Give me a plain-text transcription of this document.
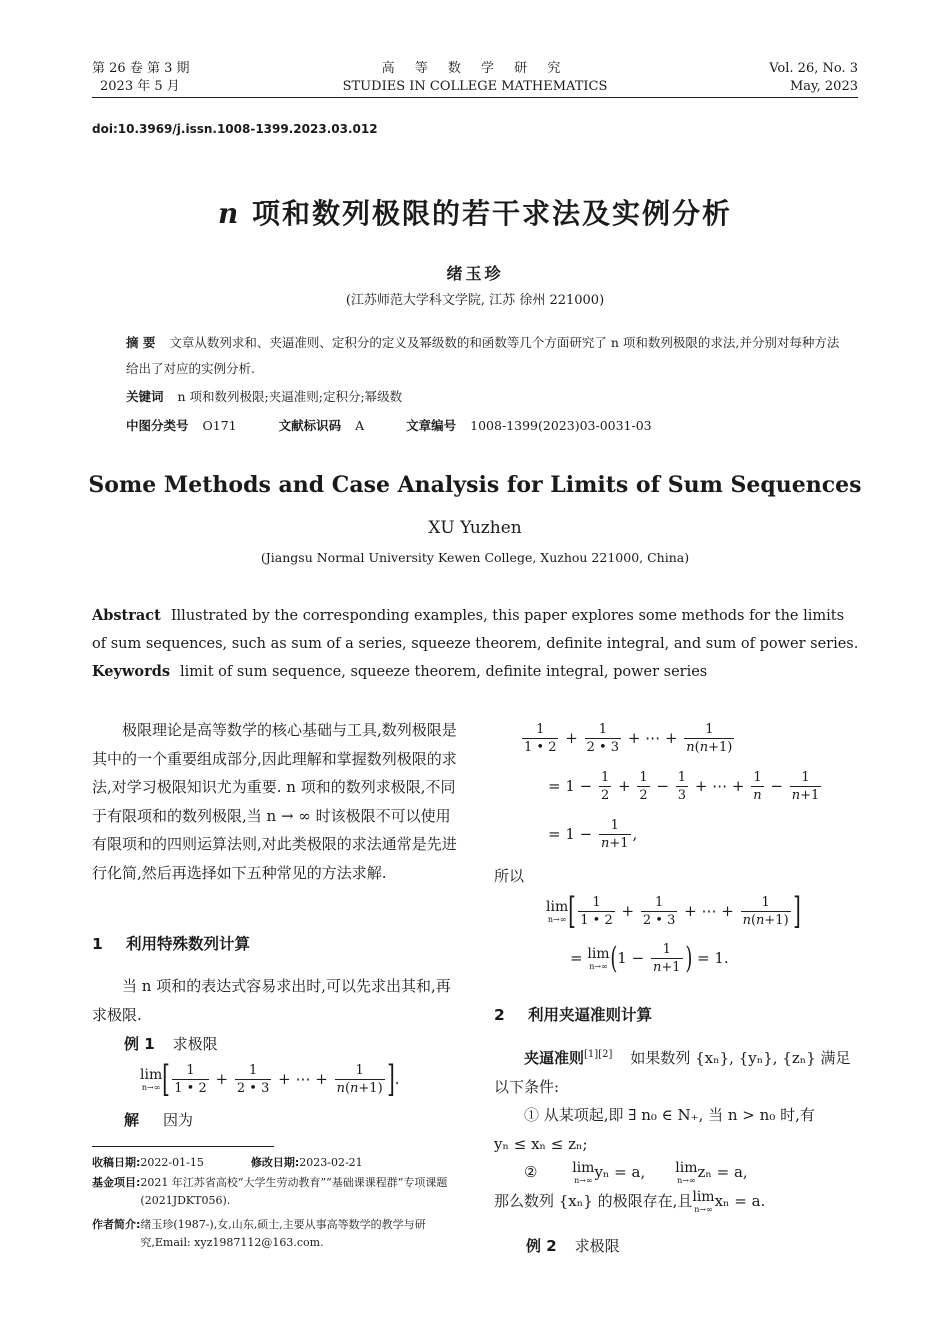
第 26 卷 第 3 期
2023 年 5 月
高 等 数 学 研 究
STUDIES IN COLLEGE MATHEMATICS
Vol. 26, No. 3
May, 2023
doi:10.3969/j.issn.1008-1399.2023.03.012
n 项和数列极限的若干求法及实例分析
绪玉珍
(江苏师范大学科文学院, 江苏 徐州 221000)
摘 要 文章从数列求和、夹逼准则、定积分的定义及幂级数的和函数等几个方面研究了 n 项和数列极限的求法,并分别对每种方法给出了对应的实例分析.
关键词 n 项和数列极限;夹逼准则;定积分;幂级数
中图分类号 O171	文献标识码 A	文章编号 1008-1399(2023)03-0031-03
Some Methods and Case Analysis for Limits of Sum Sequences
XU Yuzhen
(Jiangsu Normal University Kewen College, Xuzhou 221000, China)
Abstract Illustrated by the corresponding examples, this paper explores some methods for the limits of sum sequences, such as sum of a series, squeeze theorem, definite integral, and sum of power series.
Keywords limit of sum sequence, squeeze theorem, definite integral, power series
极限理论是高等数学的核心基础与工具,数列极限是其中的一个重要组成部分,因此理解和掌握数列极限的求法,对学习极限知识尤为重要. n 项和的数列求极限,不同于有限项和的数列极限,当 n → ∞ 时该极限不可以使用有限项和的四则运算法则,对此类极限的求法通常是先进行化简,然后再选择如下五种常见的方法求解.
1 利用特殊数列计算
当 n 项和的表达式容易求出时,可以先求出其和,再求极限.
例 1 求极限
lim
n→∞ [ $\frac{1}{1 • 2} + \frac{1}{2 • 3}$ + ⋯ + $\frac{1}{n(n+1)}$ ].
解 因为
收稿日期:2022-01-15	修改日期:2023-02-21
基金项目: 2021 年江苏省高校“大学生劳动教育”“基础课课程群”专项课题(2021JDKT056).
作者简介: 绪玉珍(1987-),女,山东,硕士,主要从事高等数学的教学与研究,Email: xyz1987112@163.com.
$\frac{1}{1 • 2} + \frac{1}{2 • 3}$ + ⋯ + $\frac{1}{n(n+1)}$
= $1 - \frac{1}{2} + \frac{1}{2} - \frac{1}{3}$ + ⋯ + $\frac{1}{n} - \frac{1}{n+1}$
= $1 - \frac{1}{n+1}$ ,
所以
lim
n→∞ [ $\frac{1}{1 • 2} + \frac{1}{2 • 3}$ + ⋯ + $\frac{1}{n(n+1)}$ ]
= lim
n→∞ ($1 - \frac{1}{n+1}$ ) = 1.
2 利用夹逼准则计算
夹逼准则[1][2] 如果数列 {xₙ}, {yₙ}, {zₙ} 满足以下条件:
① 从某项起,即 ∃ n₀ ∈ N₊, 当 n > n₀ 时,有
yₙ ≤ xₙ ≤ zₙ;
②	lim
n→∞ yₙ = a,	lim
n→∞ zₙ = a,
那么数列 {xₙ} 的极限存在,且 lim
n→∞ xₙ = a.
例 2 求极限
